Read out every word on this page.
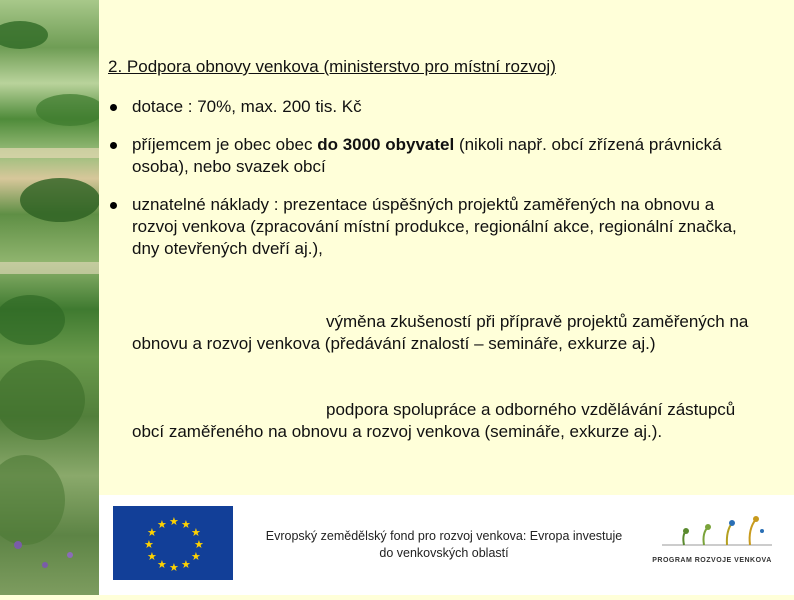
2. Podpora obnovy venkova (ministerstvo pro místní rozvoj)
dotace : 70%, max. 200 tis. Kč
příjemcem je obec obec do 3000 obyvatel (nikoli např. obcí zřízená právnická osoba), nebo svazek obcí
uznatelné náklady : prezentace úspěšných projektů zaměřených na obnovu a rozvoj venkova (zpracování místní produkce, regionální akce, regionální značka, dny otevřených dveří aj.),
výměna zkušeností při přípravě projektů zaměřených na obnovu a rozvoj venkova (předávání znalostí – semináře, exkurze aj.)
podpora spolupráce a odborného vzdělávání zástupců obcí zaměřeného na obnovu a rozvoj venkova (semináře, exkurze aj.).
★ ★
★
★
★
★
★
★
★
★
★
★
Evropský zemědělský fond pro rozvoj venkova: Evropa investuje do venkovských oblastí
PROGRAM ROZVOJE VENKOVA
